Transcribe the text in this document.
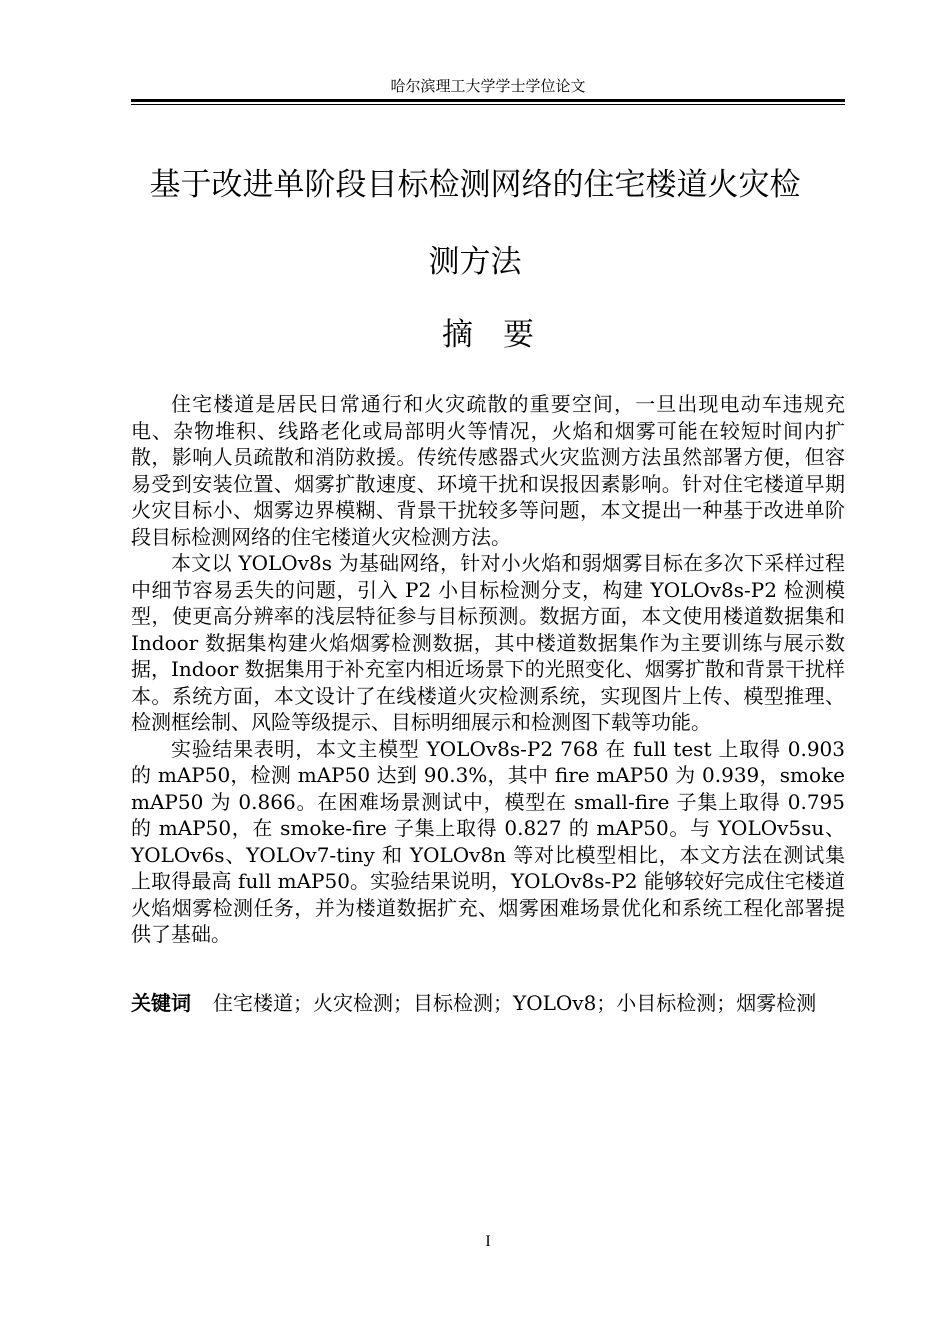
哈尔滨理工大学学士学位论文
基于改进单阶段目标检测网络的住宅楼道火灾检
测方法
摘要

住宅楼道是居民日常通行和火灾疏散的重要空间，一旦出现电动车违规充电、杂物堆积、线路老化或局部明火等情况，火焰和烟雾可能在较短时间内扩散，影响人员疏散和消防救援。传统传感器式火灾监测方法虽然部署方便，但容易受到安装位置、烟雾扩散速度、环境干扰和误报因素影响。针对住宅楼道早期火灾目标小、烟雾边界模糊、背景干扰较多等问题，本文提出一种基于改进单阶段目标检测网络的住宅楼道火灾检测方法。

本文以 YOLOv8s 为基础网络，针对小火焰和弱烟雾目标在多次下采样过程中细节容易丢失的问题，引入 P2 小目标检测分支，构建 YOLOv8s-P2 检测模型，使更高分辨率的浅层特征参与目标预测。数据方面，本文使用楼道数据集和 Indoor 数据集构建火焰烟雾检测数据，其中楼道数据集作为主要训练与展示数据，Indoor 数据集用于补充室内相近场景下的光照变化、烟雾扩散和背景干扰样本。系统方面，本文设计了在线楼道火灾检测系统，实现图片上传、模型推理、检测框绘制、风险等级提示、目标明细展示和检测图下载等功能。

实验结果表明，本文主模型 YOLOv8s-P2 768 在 full test 上取得 0.903 的 mAP50，检测 mAP50 达到 90.3%，其中 fire mAP50 为 0.939，smoke mAP50 为 0.866。在困难场景测试中，模型在 small-fire 子集上取得 0.795 的 mAP50，在 smoke-fire 子集上取得 0.827 的 mAP50。与 YOLOv5su、YOLOv6s、YOLOv7-tiny 和 YOLOv8n 等对比模型相比，本文方法在测试集上取得最高 full mAP50。实验结果说明，YOLOv8s-P2 能够较好完成住宅楼道火焰烟雾检测任务，并为楼道数据扩充、烟雾困难场景优化和系统工程化部署提供了基础。

关键词 住宅楼道；火灾检测；目标检测；YOLOv8；小目标检测；烟雾检测
I
